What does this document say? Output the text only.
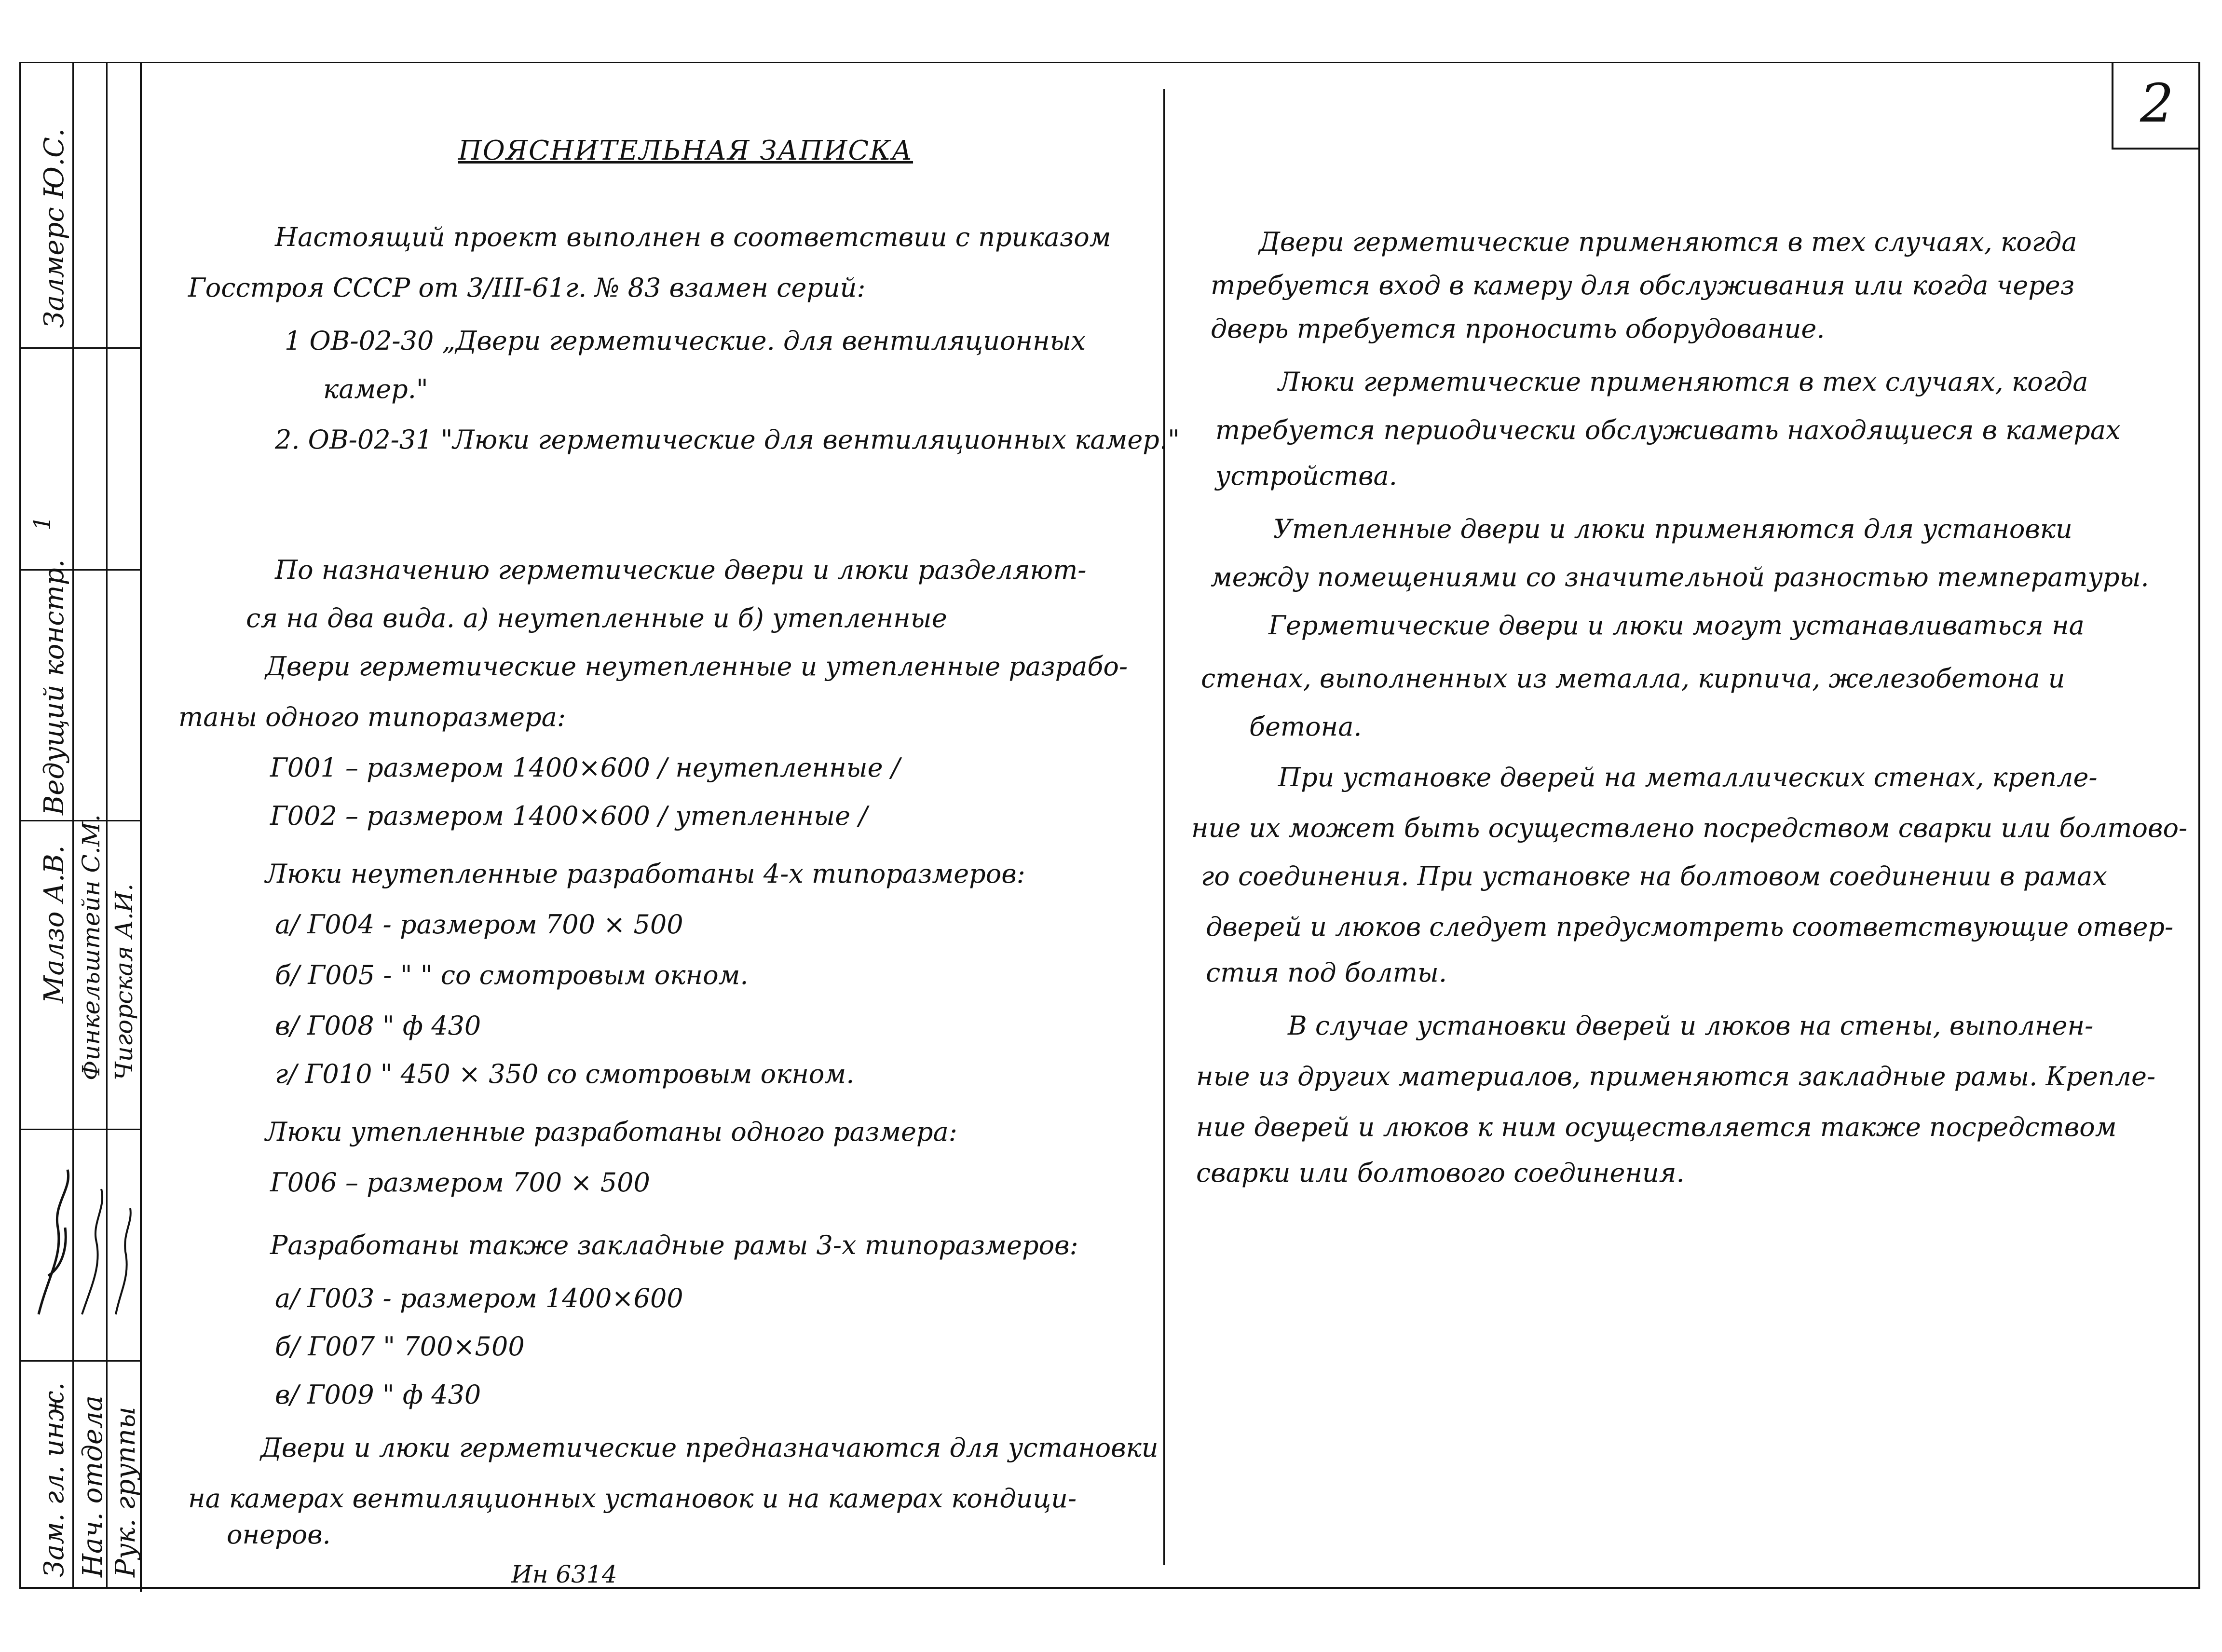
2
Залмерс Ю.С.
1
Ведущий констр.
Малзо А.В. Финкельштейн С.М. Чигорская А.И.
Зам. гл. инж. Нач. отдела Рук. группы
ПОЯСНИТЕЛЬНАЯ ЗАПИСКА
Настоящий проект выполнен в соответствии с приказом
Госстроя СССР от 3/III-61г. № 83 взамен серий:
1 ОВ-02-30 „Двери герметические. для вентиляционных
камер."
2. ОВ-02-31 "Люки герметические для вентиляционных камер."
По назначению герметические двери и люки разделяют-
ся на два вида. а) неутепленные и б) утепленные
Двери герметические неутепленные и утепленные разрабо-
таны одного типоразмера:
Г001 – размером 1400×600 / неутепленные /
Г002 – размером 1400×600 / утепленные /
Люки неутепленные разработаны 4-х типоразмеров:
а/ Г004 - размером 700 × 500
б/ Г005 - " " со смотровым окном.
в/ Г008 " ф 430
г/ Г010 " 450 × 350 со смотровым окном.
Люки утепленные разработаны одного размера:
Г006 – размером 700 × 500
Разработаны также закладные рамы 3-х типоразмеров:
а/ Г003 - размером 1400×600
б/ Г007 " 700×500
в/ Г009 " ф 430
Двери и люки герметические предназначаются для установки
на камерах вентиляционных установок и на камерах кондици-
онеров.
Ин 6314
Двери герметические применяются в тех случаях, когда
требуется вход в камеру для обслуживания или когда через
дверь требуется проносить оборудование.
Люки герметические применяются в тех случаях, когда
требуется периодически обслуживать находящиеся в камерах
устройства.
Утепленные двери и люки применяются для установки
между помещениями со значительной разностью температуры.
Герметические двери и люки могут устанавливаться на
стенах, выполненных из металла, кирпича, железобетона и
бетона.
При установке дверей на металлических стенах, крепле-
ние их может быть осуществлено посредством сварки или болтово-
го соединения. При установке на болтовом соединении в рамах
дверей и люков следует предусмотреть соответствующие отвер-
стия под болты.
В случае установки дверей и люков на стены, выполнен-
ные из других материалов, применяются закладные рамы. Крепле-
ние дверей и люков к ним осуществляется также посредством
сварки или болтового соединения.
